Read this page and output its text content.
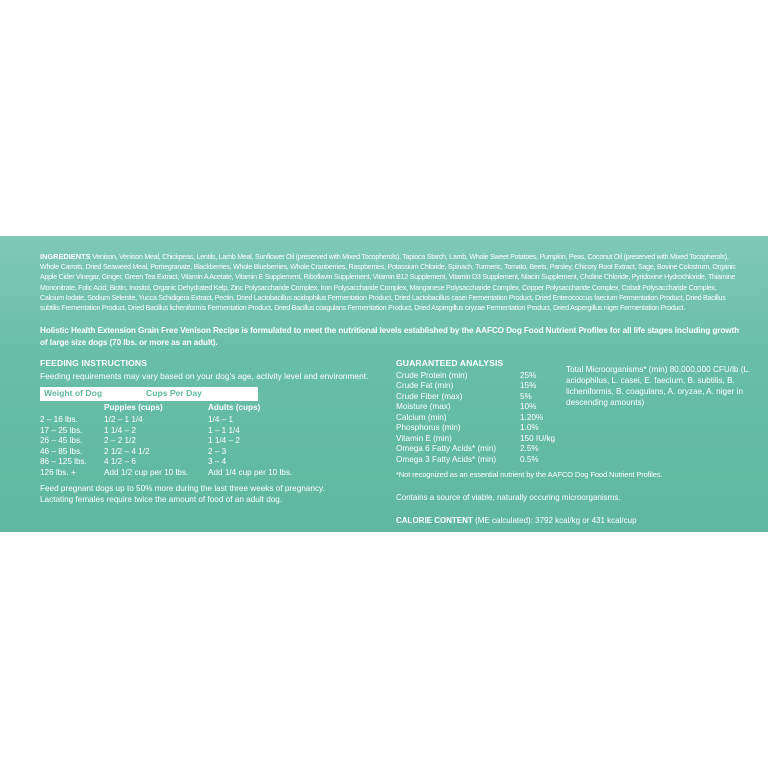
INGREDIENTS Venison, Venison Meal, Chickpeas, Lentils, Lamb Meal, Sunflower Oil (preserved with Mixed Tocopherols), Tapioca Starch, Lamb, Whole Sweet Potatoes, Pumpkin, Peas, Coconut Oil (preserved with Mixed Tocopherols), Whole Carrots, Dried Seaweed Meal, Pomegranate, Blackberries, Whole Blueberries, Whole Cranberries, Raspberries, Potassium Chloride, Spinach, Turmeric, Tomato, Beets, Parsley, Chicory Root Extract, Sage, Bovine Colostrum, Organic Apple Cider Vinegar, Ginger, Green Tea Extract, Vitamin A Acetate, Vitamin E Supplement, Riboflavin Supplement, Vitamin B12 Supplement, Vitamin D3 Supplement, Niacin Supplement, Choline Chloride, Pyridoxine Hydrochloride, Thiamine Mononitrate, Folic Acid, Biotin, Inositol, Organic Dehydrated Kelp, Zinc Polysaccharide Complex, Iron Polysaccharide Complex, Manganese Polysaccharide Complex, Copper Polysaccharide Complex, Cobalt Polysaccharide Complex, Calcium Iodate, Sodium Selenite, Yucca Schidigera Extract, Pectin, Dried Lactobacillus acidophilus Fermentation Product, Dried Lactobacillus casei Fermentation Product, Dried Enterococcus faecium Fermentation Product, Dried Bacillus subtilis Fermentation Product, Dried Bacillus licheniformis Fermentation Product, Dried Bacillus coagulans Fermentation Product, Dried Aspergillus oryzae Fermentation Product, Dried Aspergillus niger Fermentation Product.
Holistic Health Extension Grain Free Venison Recipe is formulated to meet the nutritional levels established by the AAFCO Dog Food Nutrient Profiles for all life stages including growth of large size dogs (70 lbs. or more as an adult).
FEEDING INSTRUCTIONS
Feeding requirements may vary based on your dog's age, activity level and environment.
Weight of Dog	Cups Per Day
	Puppies (cups)	Adults (cups)
2 – 16 lbs.	1/2 – 1 1/4	1/4 – 1
17 – 25 lbs.	1 1/4 – 2	1 – 1 1/4
26 – 45 lbs.	2 – 2 1/2	1 1/4 – 2
46 – 85 lbs.	2 1/2 – 4 1/2	2 – 3
86 – 125 lbs.	4 1/2 – 6	3 – 4
126 lbs. +	Add 1/2 cup per 10 lbs.	Add 1/4 cup per 10 lbs.
Feed pregnant dogs up to 50% more during the last three weeks of pregnancy. Lactating females require twice the amount of food of an adult dog.
GUARANTEED ANALYSIS
Crude Protein (min)	25%
Crude Fat (min)	15%
Crude Fiber (max)	5%
Moisture (max)	10%
Calcium (min)	1.20%
Phosphorus (min)	1.0%
Vitamin E (min)	150 IU/kg
Omega 6 Fatty Acids* (min)	2.5%
Omega 3 Fatty Acids* (min)	0.5%
Total Microorganisms* (min) 80,000,000 CFU/lb (L. acidophilus, L. casei, E. faecium, B. subtilis, B. licheniformis, B. coagulans, A. oryzae, A. niger in descending amounts)
*Not recognized as an essential nutrient by the AAFCO Dog Food Nutrient Profiles.
Contains a source of viable, naturally occuring microorganisms.
CALORIE CONTENT (ME calculated): 3792 kcal/kg or 431 kcal/cup
